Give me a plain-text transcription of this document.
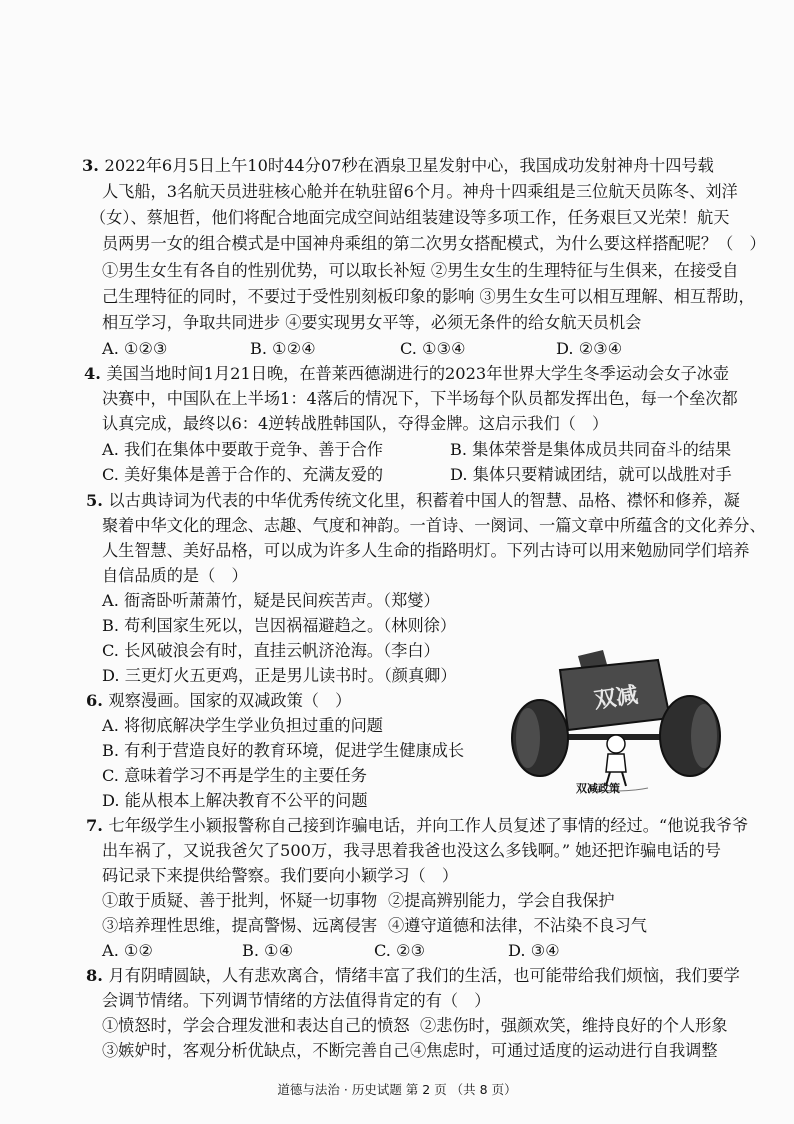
3. 2022年6月5日上午10时44分07秒在酒泉卫星发射中心，我国成功发射神舟十四号载
人飞船，3名航天员进驻核心舱并在轨驻留6个月。神舟十四乘组是三位航天员陈冬、刘洋
（女）、蔡旭哲，他们将配合地面完成空间站组装建设等多项工作，任务艰巨又光荣！航天
员两男一女的组合模式是中国神舟乘组的第二次男女搭配模式，为什么要这样搭配呢？（　）
①男生女生有各自的性别优势，可以取长补短 ②男生女生的生理特征与生俱来，在接受自
己生理特征的同时，不要过于受性别刻板印象的影响 ③男生女生可以相互理解、相互帮助，
相互学习，争取共同进步 ④要实现男女平等，必须无条件的给女航天员机会
A. ①②③	B. ①②④	C. ①③④	D. ②③④
4. 美国当地时间1月21日晚，在普莱西德湖进行的2023年世界大学生冬季运动会女子冰壶
决赛中，中国队在上半场1：4落后的情况下，下半场每个队员都发挥出色，每一个垒次都
认真完成，最终以6：4逆转战胜韩国队，夺得金牌。这启示我们（　）
A. 我们在集体中要敢于竞争、善于合作	B. 集体荣誉是集体成员共同奋斗的结果
C. 美好集体是善于合作的、充满友爱的	D. 集体只要精诚团结，就可以战胜对手
5. 以古典诗词为代表的中华优秀传统文化里，积蓄着中国人的智慧、品格、襟怀和修养，凝
聚着中华文化的理念、志趣、气度和神韵。一首诗、一阕词、一篇文章中所蕴含的文化养分、
人生智慧、美好品格，可以成为许多人生命的指路明灯。下列古诗可以用来勉励同学们培养
自信品质的是（　）
A. 衙斋卧听萧萧竹，疑是民间疾苦声。（郑燮）
B. 苟利国家生死以，岂因祸福避趋之。（林则徐）
C. 长风破浪会有时，直挂云帆济沧海。（李白）
D. 三更灯火五更鸡，正是男儿读书时。（颜真卿）
6. 观察漫画。国家的双减政策（　）
A. 将彻底解决学生学业负担过重的问题
B. 有利于营造良好的教育环境，促进学生健康成长
C. 意味着学习不再是学生的主要任务
D. 能从根本上解决教育不公平的问题
双减
双减政策
7. 七年级学生小颖报警称自己接到诈骗电话，并向工作人员复述了事情的经过。“他说我爷爷
出车祸了，又说我爸欠了500万，我寻思着我爸也没这么多钱啊。” 她还把诈骗电话的号
码记录下来提供给警察。我们要向小颖学习（　）
①敢于质疑、善于批判，怀疑一切事物 ②提高辨别能力，学会自我保护
③培养理性思维，提高警惕、远离侵害 ④遵守道德和法律，不沾染不良习气
A. ①②	B. ①④	C. ②③	D. ③④
8. 月有阴晴圆缺，人有悲欢离合，情绪丰富了我们的生活，也可能带给我们烦恼，我们要学
会调节情绪。下列调节情绪的方法值得肯定的有（　）
①愤怒时，学会合理发泄和表达自己的愤怒 ②悲伤时，强颜欢笑，维持良好的个人形象
③嫉妒时，客观分析优缺点，不断完善自己 ④焦虑时，可通过适度的运动进行自我调整
道德与法治 · 历史试题 第 2 页 （共 8 页）
